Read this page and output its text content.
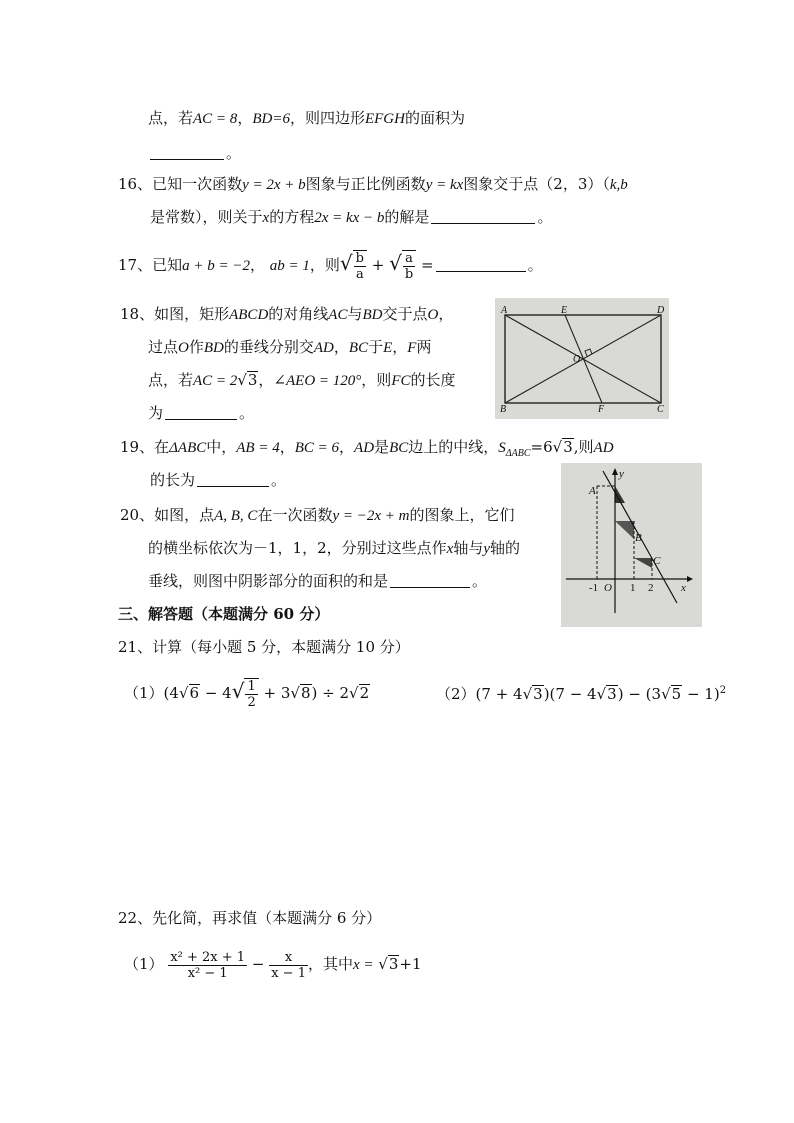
点，若AC = 8，BD=6，则四边形EFGH的面积为
。
16、已知一次函数y = 2x + b图象与正比例函数y = kx图象交于点（2，3）（k,b
是常数），则关于x的方程2x = kx − b的解是	。
17、已知a + b = −2， ab = 1，则√ $\frac{b}{a}$ + √ $\frac{a}{b}$ =	。
18、如图，矩形ABCD的对角线AC与BD交于点O，
过点O作BD的垂线分别交AD，BC于E，F两
点，若AC = 2√3，∠AEO = 120°，则FC的长度
为	。
A	E	D
O
B	F	C
19、在ΔABC中，AB = 4，BC = 6，AD是BC边上的中线，$S_{\Delta ABC}=6√3$,则AD
的长为	。
20、如图，点A, B, C在一次函数y = −2x + m的图象上，它们
的横坐标依次为－1，1，2，分别过这些点作x轴与y轴的
垂线，则图中阴影部分的面积的和是	。
y
x
A
B
C
-1 O 1 2
三、解答题（本题满分 60 分）
21、计算（每小题 5 分，本题满分 10 分）
$(1)(4√6 - 4√ \frac{1}{2} + 3√8) \div 2√2$	$(2)(7 + 4√3)(7 - 4√3) - (3√5 - 1)^2$
22、先化简，再求值（本题满分 6 分）
$(1) \frac{\text{x² + 2x + 1}}{\text{x² − 1}} - \frac{x}{x - 1}$ ，其中x = √3+1
